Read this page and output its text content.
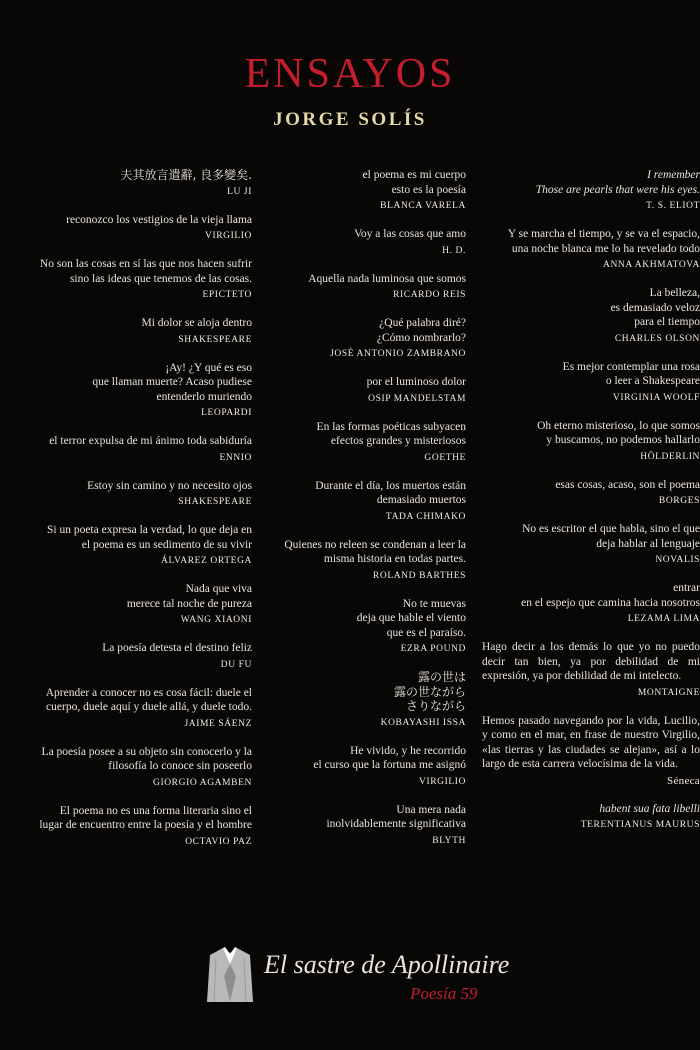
ENSAYOS
JORGE SOLÍS
夫其放言遣辭, 良多變矣.
LU JI
reconozco los vestigios de la vieja llama
VIRGILIO
No son las cosas en sí las que nos hacen sufrir
sino las ideas que tenemos de las cosas.
EPICTETO
Mi dolor se aloja dentro
SHAKESPEARE
¡Ay! ¿Y qué es eso
que llaman muerte? Acaso pudiese
entenderlo muriendo
LEOPARDI
el terror expulsa de mi ánimo toda sabiduría
ENNIO
Estoy sin camino y no necesito ojos
SHAKESPEARE
Si un poeta expresa la verdad, lo que deja en
el poema es un sedimento de su vivir
ÁLVAREZ ORTEGA
Nada que viva
merece tal noche de pureza
WANG XIAONI
La poesía detesta el destino feliz
DU FU
Aprender a conocer no es cosa fácil: duele el
cuerpo, duele aquí y duele allá, y duele todo.
JAIME SÁENZ
La poesía posee a su objeto sin conocerlo y la
filosofía lo conoce sin poseerlo
GIORGIO AGAMBEN
El poema no es una forma literaria sino el
lugar de encuentro entre la poesía y el hombre
OCTAVIO PAZ
el poema es mi cuerpo
esto es la poesía
BLANCA VARELA
Voy a las cosas que amo
H. D.
Aquella nada luminosa que somos
RICARDO REIS
¿Qué palabra diré?
¿Cómo nombrarlo?
JOSÉ ANTONIO ZAMBRANO
por el luminoso dolor
OSIP MANDELSTAM
En las formas poéticas subyacen
efectos grandes y misteriosos
GOETHE
Durante el día, los muertos están
demasiado muertos
TADA CHIMAKO
Quienes no releen se condenan a leer la
misma historia en todas partes.
ROLAND BARTHES
No te muevas
deja que hable el viento
que es el paraíso.
EZRA POUND
露の世は
露の世ながら
さりながら
KOBAYASHI ISSA
He vivido, y he recorrido
el curso que la fortuna me asignó
VIRGILIO
Una mera nada
inolvidablemente significativa
BLYTH
I remember
Those are pearls that were his eyes.
T. S. ELIOT
Y se marcha el tiempo, y se va el espacio,
una noche blanca me lo ha revelado todo
ANNA AKHMATOVA
La belleza,
es demasiado veloz
para el tiempo
CHARLES OLSON
Es mejor contemplar una rosa
o leer a Shakespeare
VIRGINIA WOOLF
Oh eterno misterioso, lo que somos
y buscamos, no podemos hallarlo
HÖLDERLIN
esas cosas, acaso, son el poema
BORGES
No es escritor el que habla, sino el que
deja hablar al lenguaje
NOVALIS
entrar
en el espejo que camina hacia nosotros
LEZAMA LIMA
Hago decir a los demás lo que yo no puedo decir tan bien, ya por debilidad de mi expresión, ya por debilidad de mi intelecto.
MONTAIGNE
Hemos pasado navegando por la vida, Lucilio, y como en el mar, en frase de nuestro Virgilio, «las tierras y las ciudades se alejan», así a lo largo de esta carrera velocísima de la vida.
Séneca
habent sua fata libelli
TERENTIANUS MAURUS
El sastre de Apollinaire
Poesía 59
